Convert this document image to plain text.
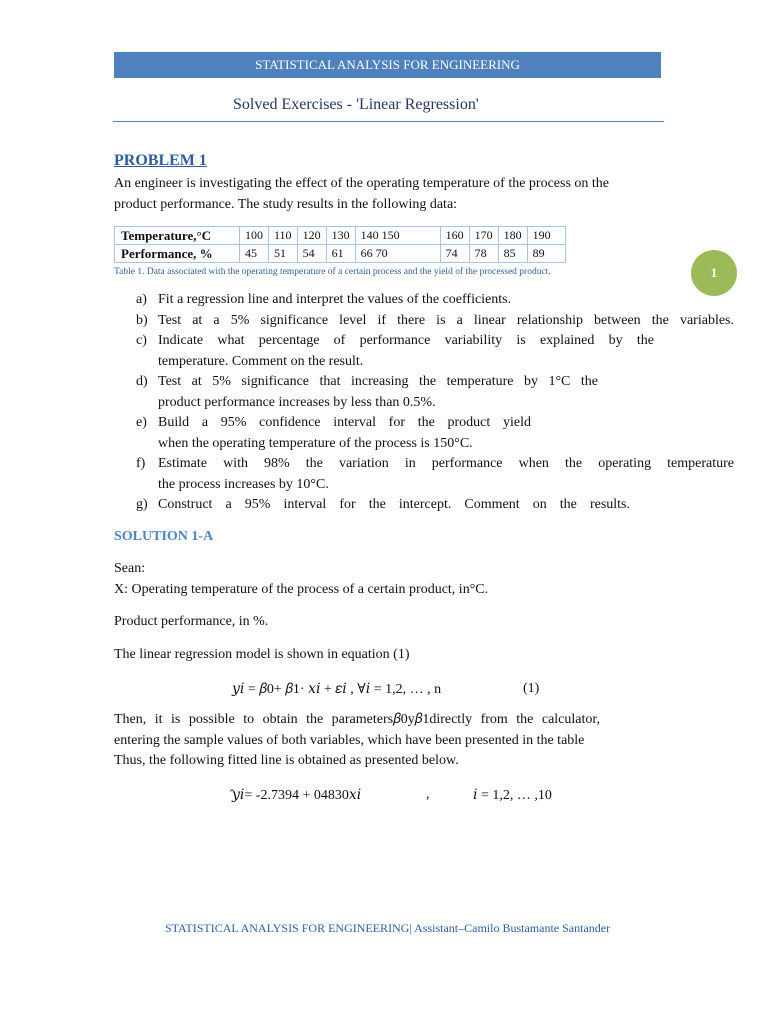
STATISTICAL ANALYSIS FOR ENGINEERING
Solved Exercises - 'Linear Regression'
PROBLEM 1
An engineer is investigating the effect of the operating temperature of the process on the product performance. The study results in the following data:
Temperature,°C	100	110	120	130	140 150	160	170	180	190
Performance, %	45	51	54	61	66 70	74	78	85	89
Table 1. Data associated with the operating temperature of a certain process and the yield of the processed product.	1
a) Fit a regression line and interpret the values of the coefficients.
b) Test at a 5% significance level if there is a linear relationship between the variables.
c) Indicate what percentage of performance variability is explained by the
temperature. Comment on the result.
d) Test at 5% significance that increasing the temperature by 1°C the
product performance increases by less than 0.5%.
e) Build a 95% confidence interval for the product yield
when the operating temperature of the process is 150°C.
f) Estimate with 98% the variation in performance when the operating temperature
the process increases by 10°C.
g) Construct a 95% interval for the intercept. Comment on the results.
SOLUTION 1-A
Sean:
X: Operating temperature of the process of a certain product, in°C.
Product performance, in %.
The linear regression model is shown in equation (1)
𝑦𝑖 = 𝛽0+ 𝛽1· 𝑥𝑖 + 𝜀𝑖 , ∀𝑖 = 1,2, … , n	(1)
Then, it is possible to obtain the parameters𝛽0y𝛽1directly from the calculator,
entering the sample values of both variables, which have been presented in the table
Thus, the following fitted line is obtained as presented below.
̂𝑦𝑖= -2.7394 + 04830𝑥𝑖	,	𝑖 = 1,2, … ,10
STATISTICAL ANALYSIS FOR ENGINEERING| Assistant–Camilo Bustamante Santander
